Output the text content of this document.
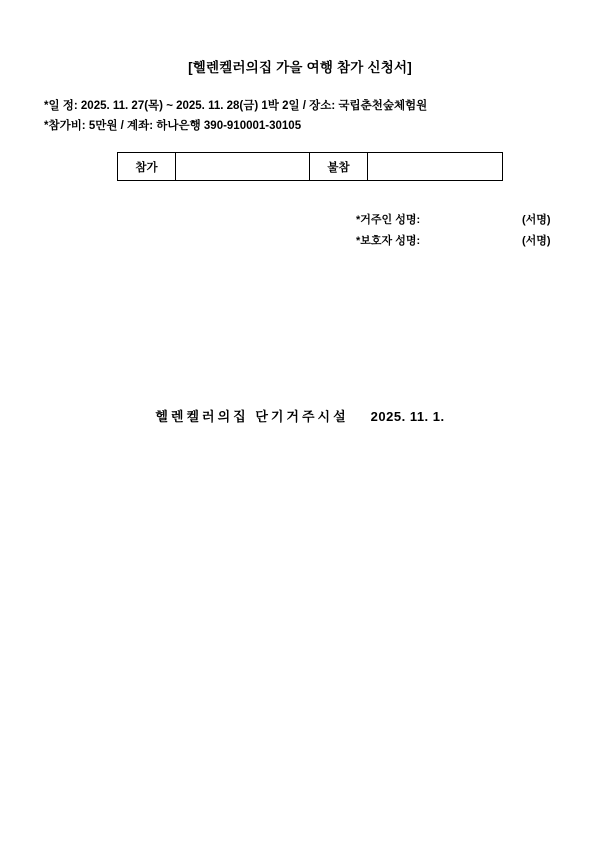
[헬렌켈러의집 가을 여행 참가 신청서]
*일 정: 2025. 11. 27(목) ~ 2025. 11. 28(금) 1박 2일 / 장소: 국립춘천숲체험원
*참가비: 5만원 / 계좌: 하나은행 390-910001-30105
참가		불참	
*거주인 성명:	(서명)
*보호자 성명:	(서명)
헬렌켈러의집 단기거주시설 2025. 11. 1.
